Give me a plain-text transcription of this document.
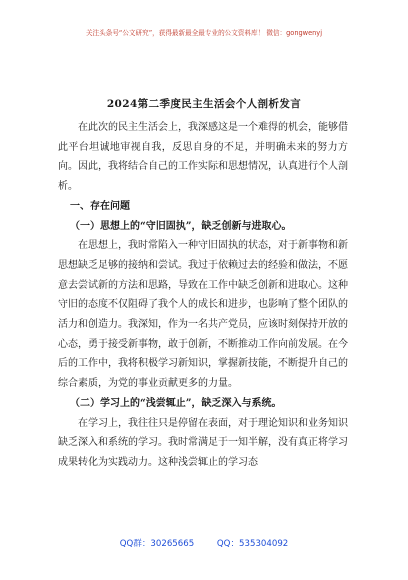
关注头条号“公文研究”，获得最新最全最专业的公文资料库！ 微信：gongwenyj
2024第二季度民主生活会个人剖析发言

在此次的民主生活会上，我深感这是一个难得的机会，能够借此平台坦诚地审视自我，反思自身的不足，并明确未来的努力方向。因此，我将结合自己的工作实际和思想情况，认真进行个人剖析。

一、存在问题

（一）思想上的“守旧固执”，缺乏创新与进取心。

在思想上，我时常陷入一种守旧固执的状态，对于新事物和新思想缺乏足够的接纳和尝试。我过于依赖过去的经验和做法，不愿意去尝试新的方法和思路，导致在工作中缺乏创新和进取心。这种守旧的态度不仅阻碍了我个人的成长和进步，也影响了整个团队的活力和创造力。我深知，作为一名共产党员，应该时刻保持开放的心态，勇于接受新事物，敢于创新，不断推动工作向前发展。在今后的工作中，我将积极学习新知识，掌握新技能，不断提升自己的综合素质，为党的事业贡献更多的力量。

（二）学习上的“浅尝辄止”，缺乏深入与系统。

在学习上，我往往只是停留在表面，对于理论知识和业务知识缺乏深入和系统的学习。我时常满足于一知半解，没有真正将学习成果转化为实践动力。这种浅尝辄止的学习态

QQ群：30265665	QQ：535304092
